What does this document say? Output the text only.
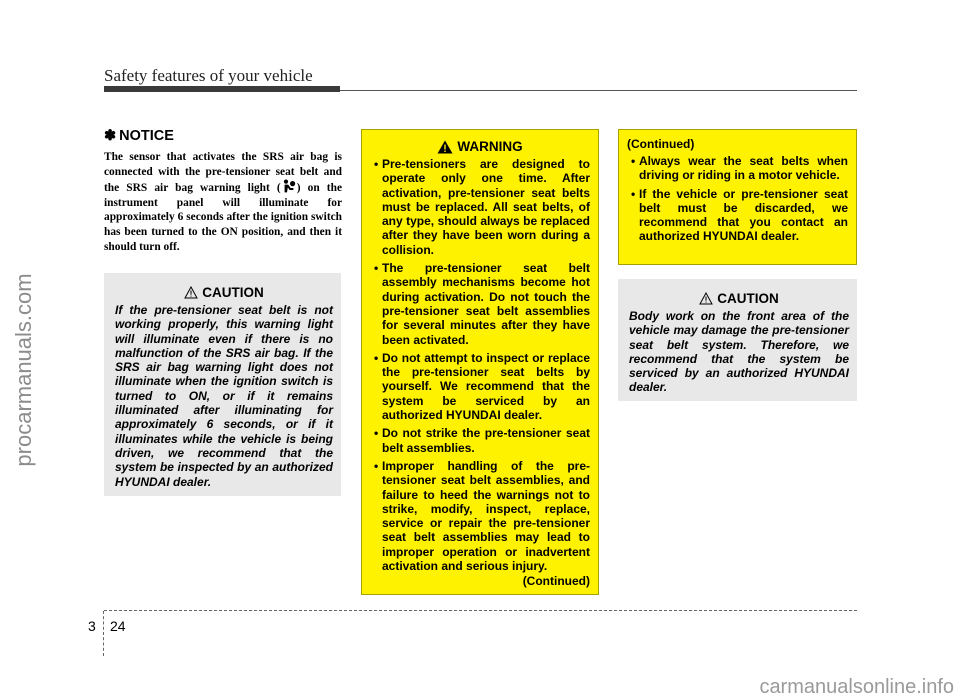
Safety features of your vehicle
procarmanuals.com
✽ NOTICE

The sensor that activates the SRS air bag is connected with the pre-tensioner seat belt and the SRS air bag warning light ( ) on the instrument panel will illuminate for approximately 6 seconds after the ignition switch has been turned to the ON position, and then it should turn off.

CAUTION

If the pre-tensioner seat belt is not working properly, this warning light will illuminate even if there is no malfunction of the SRS air bag. If the SRS air bag warning light does not illuminate when the ignition switch is turned to ON, or if it remains illuminated after illuminating for approximately 6 seconds, or if it illuminates while the vehicle is being driven, we recommend that the system be inspected by an authorized HYUNDAI dealer.

WARNING
• Pre-tensioners are designed to operate only one time. After activation, pre-tensioner seat belts must be replaced. All seat belts, of any type, should always be replaced after they have been worn during a collision.
• The pre-tensioner seat belt assembly mechanisms become hot during activation. Do not touch the pre-tensioner seat belt assemblies for several minutes after they have been activated.
• Do not attempt to inspect or replace the pre-tensioner seat belts by yourself. We recommend that the system be serviced by an authorized HYUNDAI dealer.
• Do not strike the pre-tensioner seat belt assemblies.
• Improper handling of the pre-tensioner seat belt assemblies, and failure to heed the warnings not to strike, modify, inspect, replace, service or repair the pre-tensioner seat belt assemblies may lead to improper operation or inadvertent activation and serious injury.

(Continued)

(Continued)

• Always wear the seat belts when driving or riding in a motor vehicle.
• If the vehicle or pre-tensioner seat belt must be discarded, we recommend that you contact an authorized HYUNDAI dealer.
CAUTION

Body work on the front area of the vehicle may damage the pre-tensioner seat belt system. Therefore, we recommend that the system be serviced by an authorized HYUNDAI dealer.

3 24
carmanualsonline.info
